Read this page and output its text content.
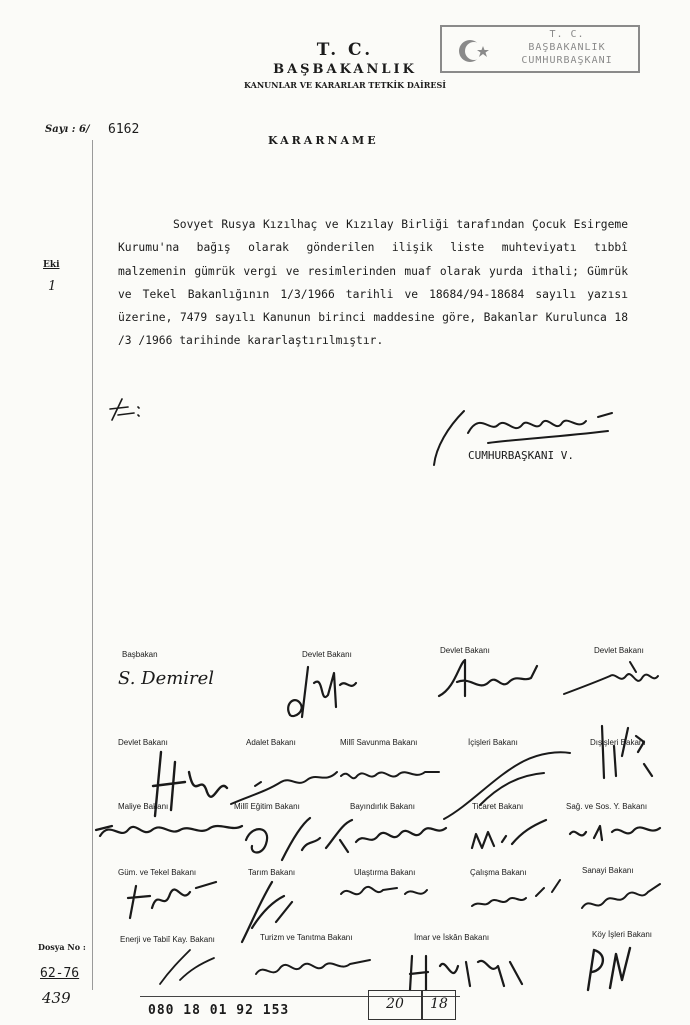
T. C.
BAŞBAKANLIK
KANUNLAR VE KARARLAR TETKİK DAİRESİ
T. C.
BAŞBAKANLIK
CUMHURBAŞKANI
Sayı : 6/ 6162
KARARNAME
Eki
1
Sovyet Rusya Kızılhaç ve Kızılay Birliği tarafından Çocuk Esirgeme Kurumu'na bağış olarak gönderilen ilişik liste muhteviyatı tıbbî malzemenin gümrük vergi ve resimlerinden muaf olarak yurda ithali; Gümrük ve Tekel Bakanlığının 1/3/1966 tarihli ve 18684/94-18684 sayılı yazısı üzerine, 7479 sayılı Kanunun birinci maddesine göre, Bakanlar Kurulunca 18 /3 /1966 tarihinde kararlaştırılmıştır.
CUMHURBAŞKANI V.
Başbakan
S. Demirel
Devlet Bakanı	Devlet Bakanı	Devlet Bakanı
Devlet Bakanı	Adalet Bakanı	Millî Savunma Bakanı	İçişleri Bakanı	Dışişleri Bakanı
Maliye Bakanı	Millî Eğitim Bakanı	Bayındırlık Bakanı	Ticaret Bakanı	Sağ. ve Sos. Y. Bakanı
Güm. ve Tekel Bakanı	Tarım Bakanı	Ulaştırma Bakanı	Çalışma Bakanı	Sanayi Bakanı
Enerji ve Tabiî Kay. Bakanı	Turizm ve Tanıtma Bakanı	İmar ve İskân Bakanı	Köy İşleri Bakanı
Dosya No :
62-76
439
080 18 01 92 153	20	18
